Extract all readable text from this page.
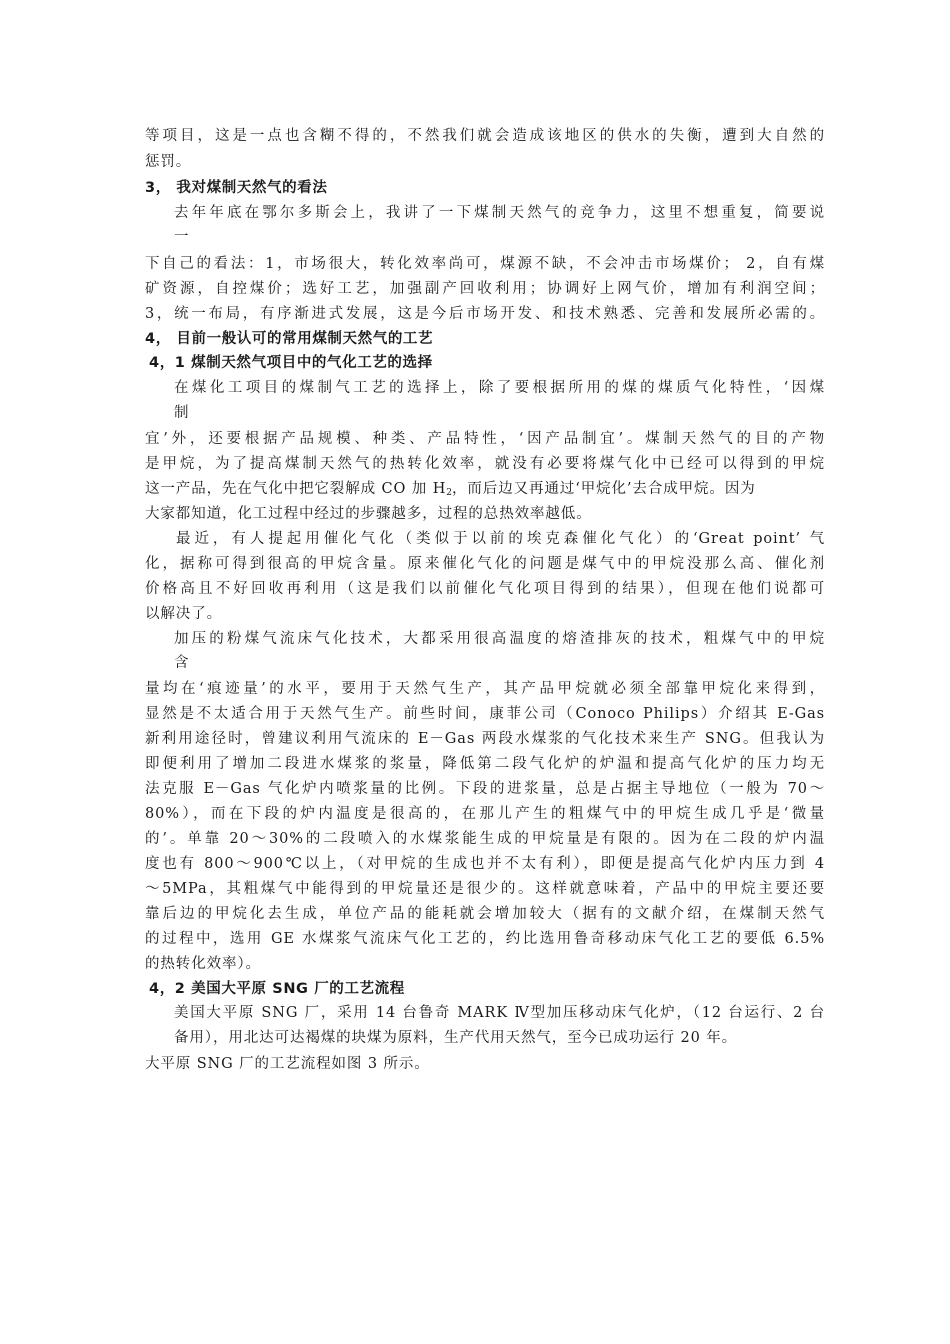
等项目，这是一点也含糊不得的，不然我们就会造成该地区的供水的失衡，遭到大自然的
惩罚。
3， 我对煤制天然气的看法
去年年底在鄂尔多斯会上，我讲了一下煤制天然气的竞争力，这里不想重复，简要说
一
下自己的看法：1，市场很大，转化效率尚可，煤源不缺，不会冲击市场煤价； 2，自有煤
矿资源，自控煤价；选好工艺，加强副产回收利用；协调好上网气价，增加有利润空间；
3，统一布局，有序渐进式发展，这是今后市场开发、和技术熟悉、完善和发展所必需的。
4， 目前一般认可的常用煤制天然气的工艺
4，1 煤制天然气项目中的气化工艺的选择
在煤化工项目的煤制气工艺的选择上，除了要根据所用的煤的煤质气化特性，‘因煤
制
宜’外，还要根据产品规模、种类、产品特性，‘因产品制宜’。煤制天然气的目的产物
是甲烷，为了提高煤制天然气的热转化效率，就没有必要将煤气化中已经可以得到的甲烷
这一产品，先在气化中把它裂解成 CO 加 $H_2$，而后边又再通过‘甲烷化’去合成甲烷。因为
大家都知道，化工过程中经过的步骤越多，过程的总热效率越低。
最近，有人提起用催化气化（类似于以前的埃克森催化气化）的‘Great point’ 气
化，据称可得到很高的甲烷含量。原来催化气化的问题是煤气中的甲烷没那么高、催化剂
价格高且不好回收再利用（这是我们以前催化气化项目得到的结果），但现在他们说都可
以解决了。
加压的粉煤气流床气化技术，大都采用很高温度的熔渣排灰的技术，粗煤气中的甲烷
含
量均在‘痕迹量’的水平，要用于天然气生产，其产品甲烷就必须全部靠甲烷化来得到，
显然是不太适合用于天然气生产。前些时间，康菲公司（Conoco Philips）介绍其 E-Gas
新利用途径时，曾建议利用气流床的 E－Gas 两段水煤浆的气化技术来生产 SNG。但我认为
即便利用了增加二段进水煤浆的浆量，降低第二段气化炉的炉温和提高气化炉的压力均无
法克服 E－Gas 气化炉内喷浆量的比例。下段的进浆量，总是占据主导地位（一般为 70～
80%），而在下段的炉内温度是很高的，在那儿产生的粗煤气中的甲烷生成几乎是‘微量
的’。单靠 20～30%的二段喷入的水煤浆能生成的甲烷量是有限的。因为在二段的炉内温
度也有 800～900℃以上，（对甲烷的生成也并不太有利），即便是提高气化炉内压力到 4
～5MPa，其粗煤气中能得到的甲烷量还是很少的。这样就意味着，产品中的甲烷主要还要
靠后边的甲烷化去生成，单位产品的能耗就会增加较大（据有的文献介绍，在煤制天然气
的过程中，选用 GE 水煤浆气流床气化工艺的，约比选用鲁奇移动床气化工艺的要低 6.5%
的热转化效率）。
4，2 美国大平原 SNG 厂的工艺流程
美国大平原 SNG 厂，采用 14 台鲁奇 MARK Ⅳ型加压移动床气化炉，（12 台运行、2 台
备用），用北达可达褐煤的块煤为原料，生产代用天然气，至今已成功运行 20 年。
大平原 SNG 厂的工艺流程如图 3 所示。
